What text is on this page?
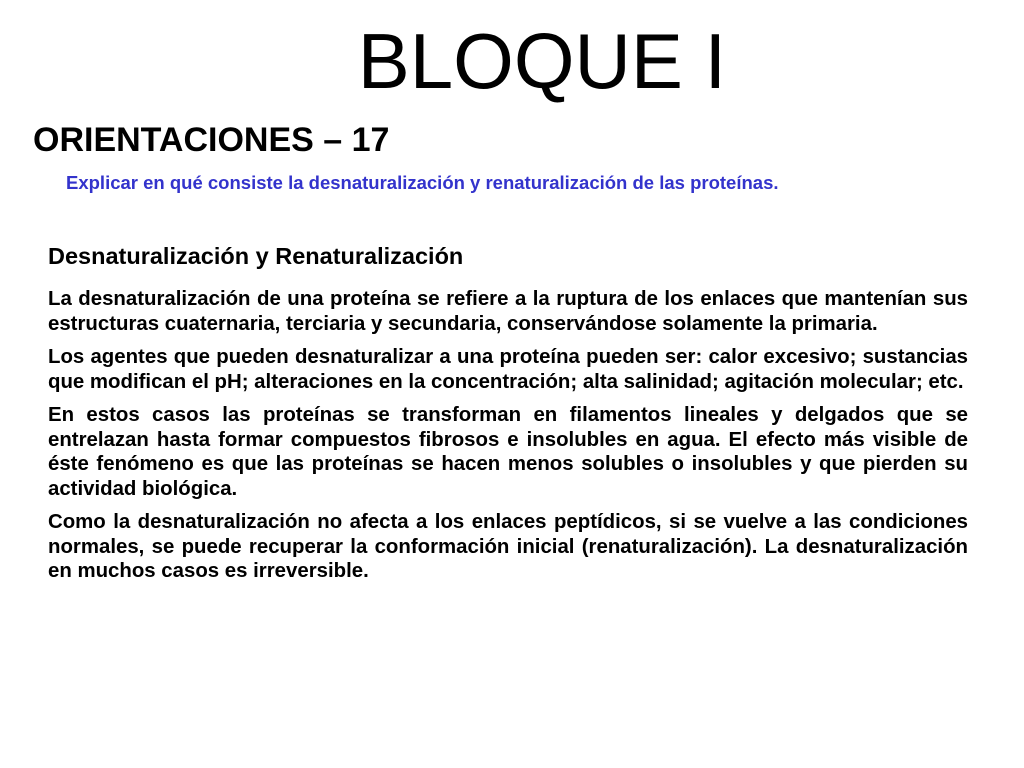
BLOQUE I
ORIENTACIONES – 17

Explicar en qué consiste la desnaturalización y renaturalización de las proteínas.

Desnaturalización y Renaturalización

La desnaturalización de una proteína se refiere a la ruptura de los enlaces que mantenían sus estructuras cuaternaria, terciaria y secundaria, conservándose solamente la primaria.

Los agentes que pueden desnaturalizar a una proteína pueden ser: calor excesivo; sustancias que modifican el pH; alteraciones en la concentración; alta salinidad; agitación molecular; etc.

En estos casos las proteínas se transforman en filamentos lineales y delgados que se entrelazan hasta formar compuestos fibrosos e insolubles en agua. El efecto más visible de éste fenómeno es que las proteínas se hacen menos solubles o insolubles y que pierden su actividad biológica.

Como la desnaturalización no afecta a los enlaces peptídicos, si se vuelve a las condiciones normales, se puede recuperar la conformación inicial (renaturalización). La desnaturalización en muchos casos es irreversible.
